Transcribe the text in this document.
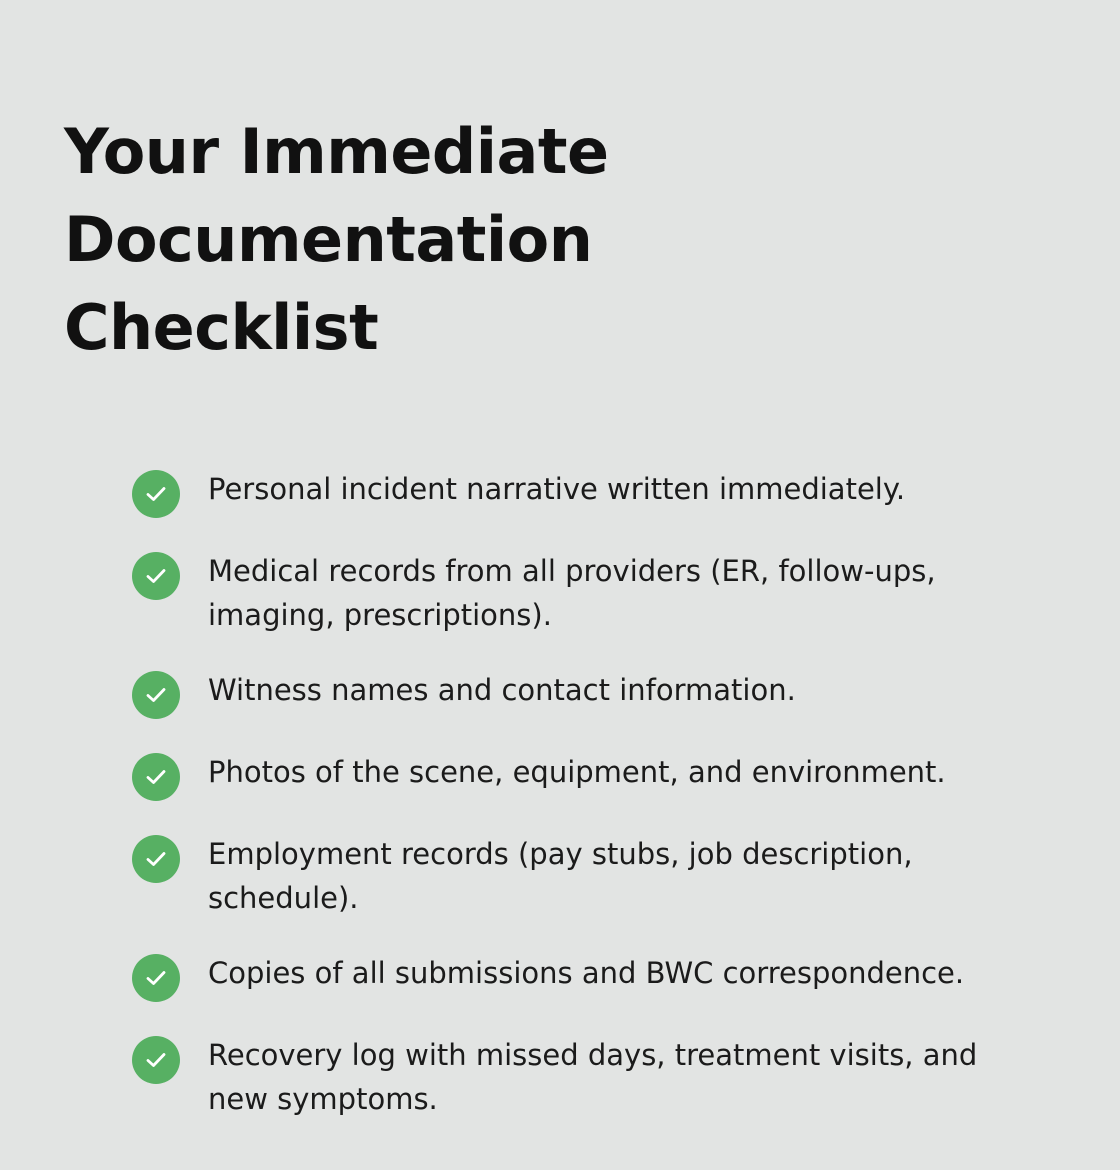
Your Immediate Documentation Checklist
Personal incident narrative written immediately.
Medical records from all providers (ER, follow-ups, imaging, prescriptions).
Witness names and contact information.
Photos of the scene, equipment, and environment.
Employment records (pay stubs, job description, schedule).
Copies of all submissions and BWC correspondence.
Recovery log with missed days, treatment visits, and new symptoms.
